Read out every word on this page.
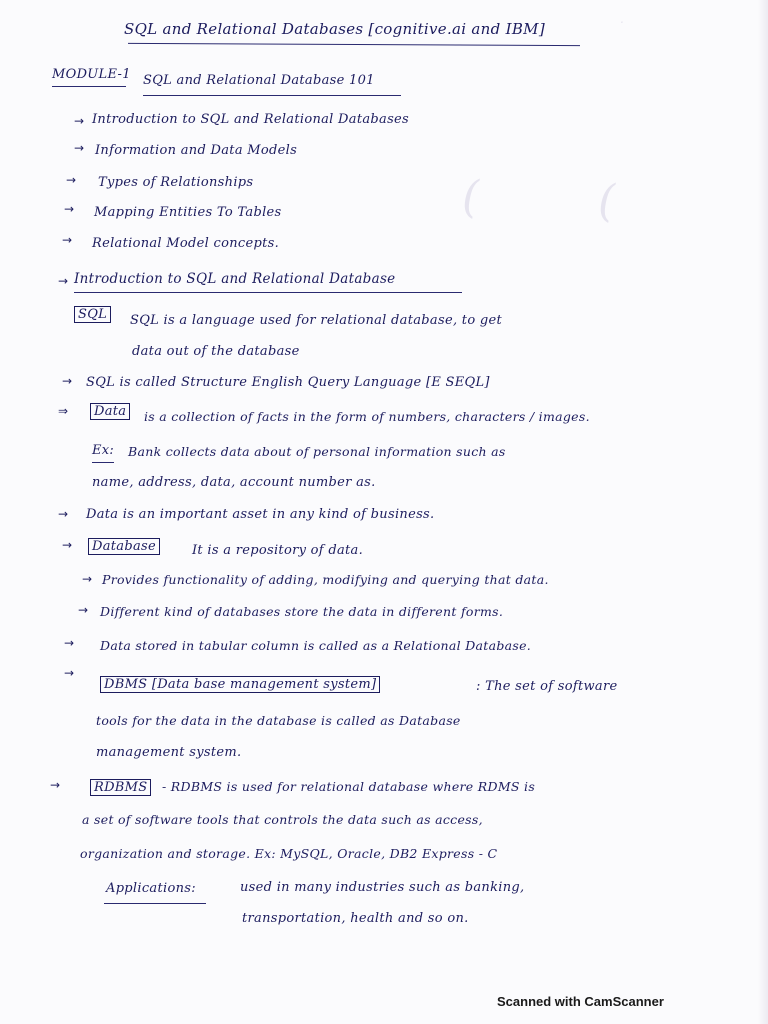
.
(	(
SQL and Relational Databases [cognitive.ai and IBM]
MODULE-1 SQL and Relational Database 101
→ Introduction to SQL and Relational Databases
→ Information and Data Models
→ Types of Relationships
→ Mapping Entities To Tables
→ Relational Model concepts.
→ Introduction to SQL and Relational Database
SQL	SQL is a language used for relational database, to get
data out of the database
→ SQL is called Structure English Query Language [E SEQL]
⇒	Data	is a collection of facts in the form of numbers, characters / images.
Ex: Bank collects data about of personal information such as
name, address, data, account number as.
→ Data is an important asset in any kind of business.
→	Database	It is a repository of data.
→ Provides functionality of adding, modifying and querying that data.
→ Different kind of databases store the data in different forms.
→ Data stored in tabular column is called as a Relational Database.
→
DBMS [Data base management system]	: The set of software
tools for the data in the database is called as Database
management system.
→	RDBMS	- RDBMS is used for relational database where RDMS is
a set of software tools that controls the data such as access,
organization and storage. Ex: MySQL, Oracle, DB2 Express - C
Applications:	used in many industries such as banking,
transportation, health and so on.
Scanned with CamScanner
